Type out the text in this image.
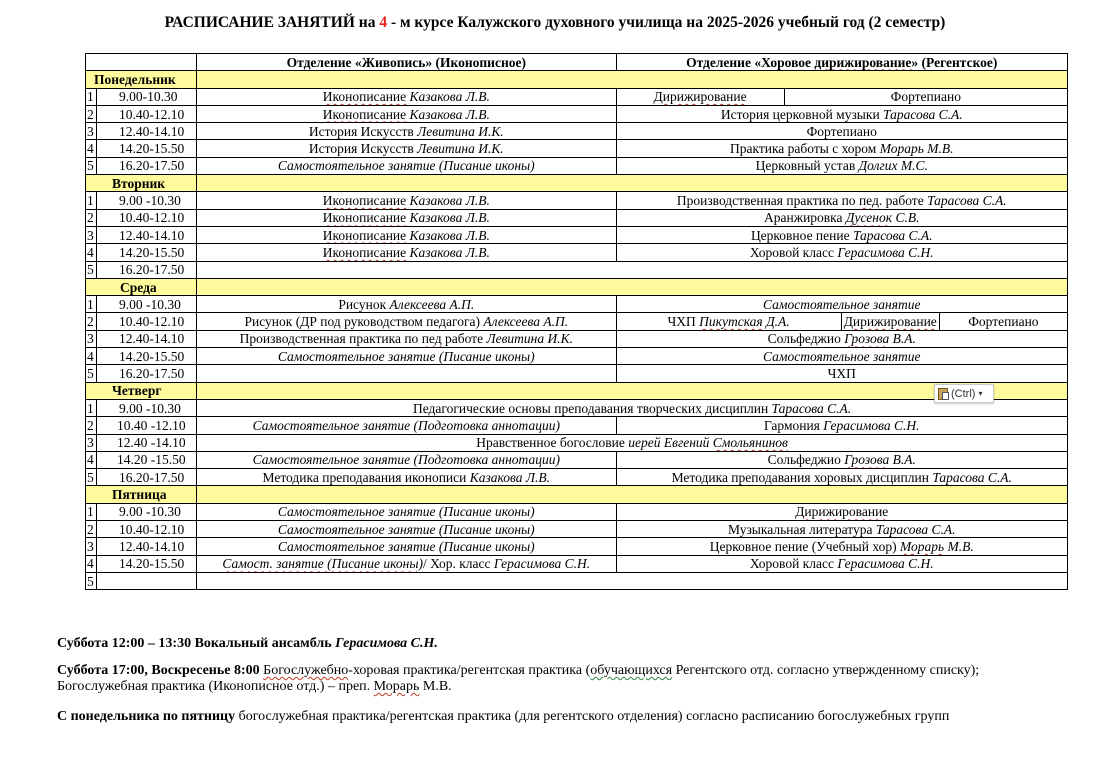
РАСПИСАНИЕ ЗАНЯТИЙ на 4 - м курсе Калужского духовного училища на 2025-2026 учебный год (2 семестр)
		Отделение «Живопись» (Иконописное)	Отделение «Хоровое дирижирование» (Регентское)			
Понедельник						
1	9.00-10.30	Иконописание Казакова Л.В.	Дирижирование	Фортепиано		
2	10.40-12.10	Иконописание Казакова Л.В.	История церковной музыки Тарасова С.А.			
3	12.40-14.10	История Искусств Левитина И.К.	Фортепиано			
4	14.20-15.50	История Искусств Левитина И.К.	Практика работы с хором Морарь М.В.			
5	16.20-17.50	Самостоятельное занятие (Писание иконы)	Церковный устав Долгих М.С.			
Вторник						
1	9.00 -10.30	Иконописание Казакова Л.В.	Производственная практика по пед. работе Тарасова С.А.			
2	10.40-12.10	Иконописание Казакова Л.В.	Аранжировка Дусенок С.В.			
3	12.40-14.10	Иконописание Казакова Л.В.	Церковное пение Тарасова С.А.			
4	14.20-15.50	Иконописание Казакова Л.В.	Хоровой класс Герасимова С.Н.			
5	16.20-17.50					
Среда						
1	9.00 -10.30	Рисунок Алексеева А.П.	Самостоятельное занятие			
2	10.40-12.10	Рисунок (ДР под руководством педагога) Алексеева А.П.	ЧХП Пикутская Д.А.		Дирижирование	Фортепиано
3	12.40-14.10	Производственная практика по пед работе Левитина И.К.	Сольфеджио Грозова В.А.			
4	14.20-15.50	Самостоятельное занятие (Писание иконы)	Самостоятельное занятие			
5	16.20-17.50		ЧХП			
Четверг						
1	9.00 -10.30	Педагогические основы преподавания творческих дисциплин Тарасова С.А.				
2	10.40 -12.10	Самостоятельное занятие (Подготовка аннотации)	Гармония Герасимова С.Н.			
3	12.40 -14.10	Нравственное богословие иерей Евгений Смольянинов				
4	14.20 -15.50	Самостоятельное занятие (Подготовка аннотации)	Сольфеджио Грозова В.А.			
5	16.20-17.50	Методика преподавания иконописи Казакова Л.В.	Методика преподавания хоровых дисциплин Тарасова С.А.			
Пятница						
1	9.00 -10.30	Самостоятельное занятие (Писание иконы)	Дирижирование			
2	10.40-12.10	Самостоятельное занятие (Писание иконы)	Музыкальная литература Тарасова С.А.			
3	12.40-14.10	Самостоятельное занятие (Писание иконы)	Церковное пение (Учебный хор) Морарь М.В.			
4	14.20-15.50	Самост. занятие (Писание иконы)/ Хор. класс Герасимова С.Н.	Хоровой класс Герасимова С.Н.			
5						
(Ctrl) ▾
Суббота 12:00 – 13:30 Вокальный ансамбль Герасимова С.Н.
Суббота 17:00, Воскресенье 8:00 Богослужебно-хоровая практика/регентская практика (обучающихся Регентского отд. согласно утвержденному списку);
Богослужебная практика (Иконописное отд.) – преп. Морарь М.В.
С понедельника по пятницу богослужебная практика/регентская практика (для регентского отделения) согласно расписанию богослужебных групп
